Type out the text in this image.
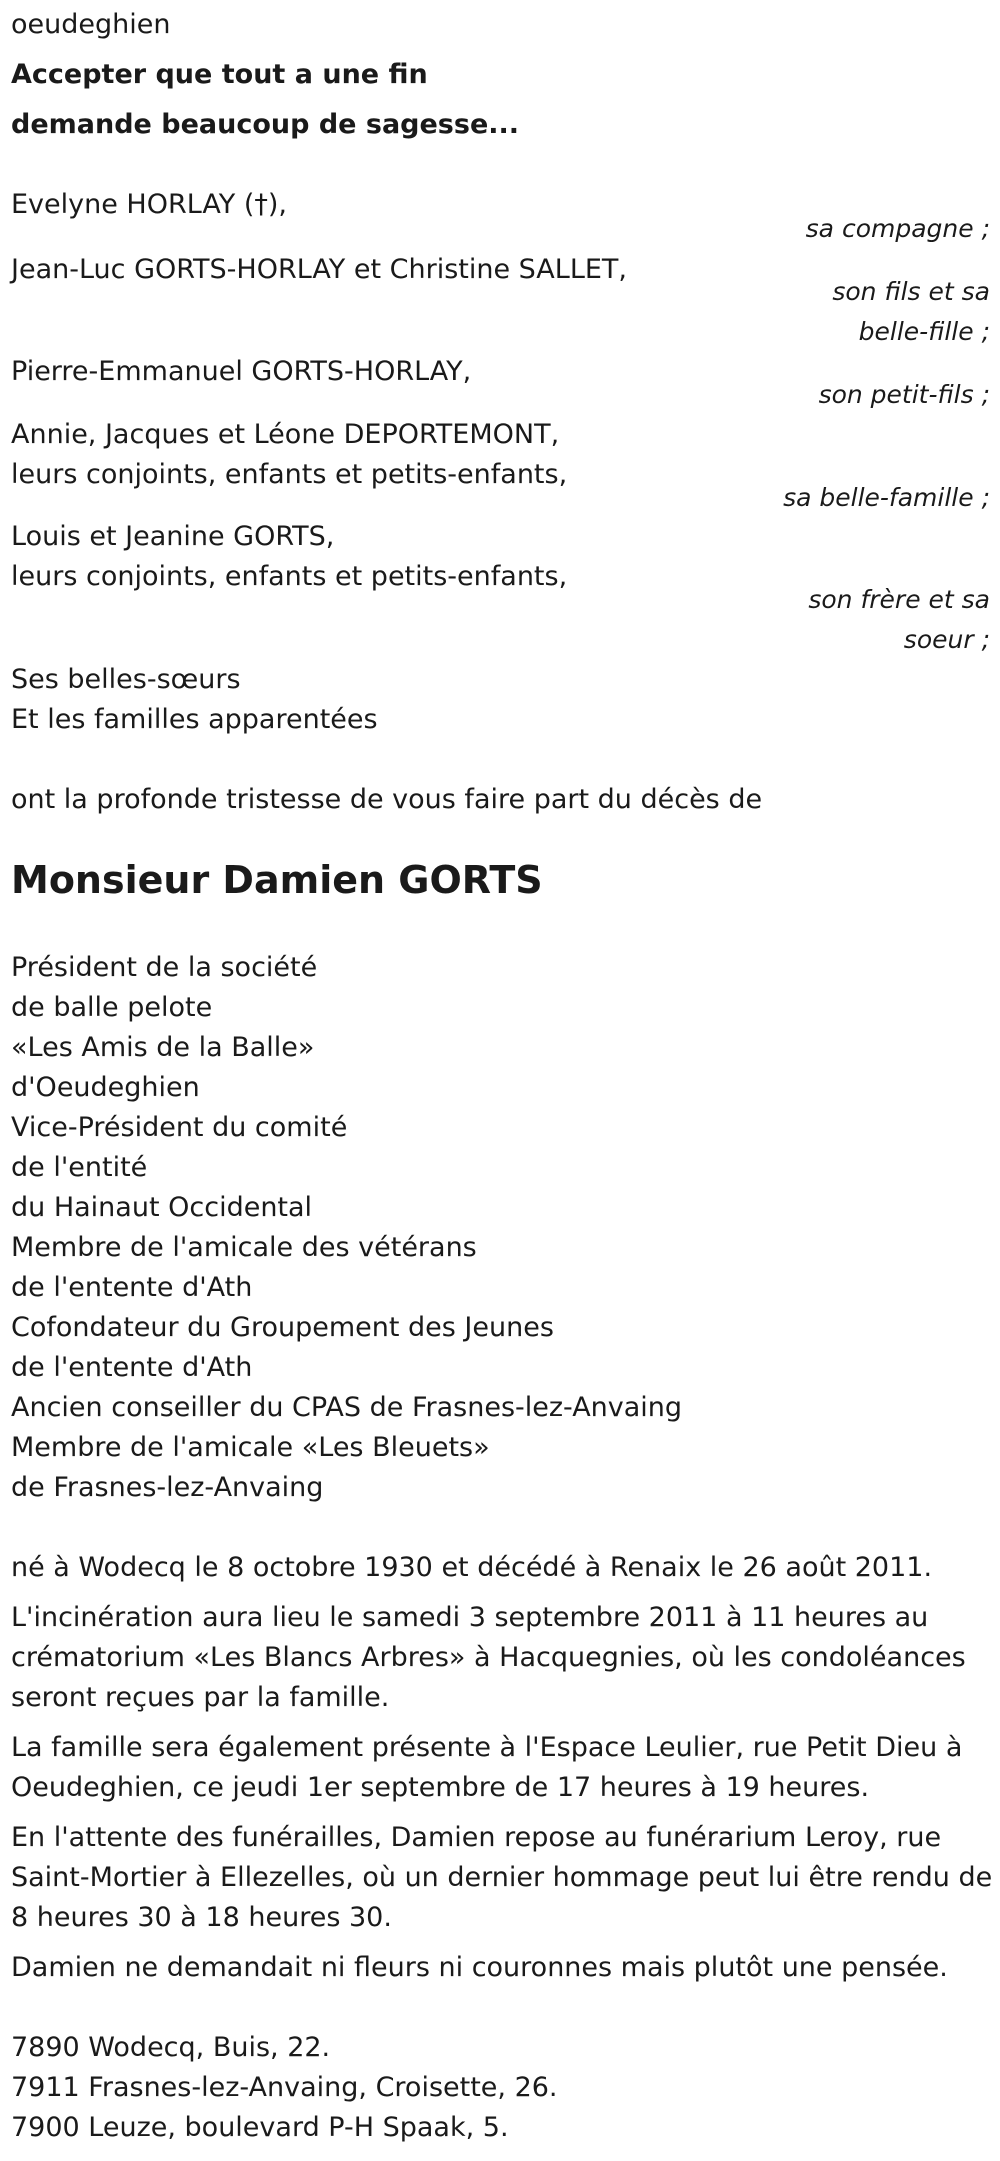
oeudeghien
Accepter que tout a une fin
demande beaucoup de sagesse...
Evelyne HORLAY (†),
sa compagne ;
Jean-Luc GORTS-HORLAY et Christine SALLET,
son fils et sa
belle-fille ;
Pierre-Emmanuel GORTS-HORLAY,
son petit-fils ;
Annie, Jacques et Léone DEPORTEMONT,
leurs conjoints, enfants et petits-enfants,
sa belle-famille ;
Louis et Jeanine GORTS,
leurs conjoints, enfants et petits-enfants,
son frère et sa
soeur ;
Ses belles-sœurs
Et les familles apparentées
ont la profonde tristesse de vous faire part du décès de
Monsieur Damien GORTS
Président de la société
de balle pelote
«Les Amis de la Balle»
d'Oeudeghien
Vice-Président du comité
de l'entité
du Hainaut Occidental
Membre de l'amicale des vétérans
de l'entente d'Ath
Cofondateur du Groupement des Jeunes
de l'entente d'Ath
Ancien conseiller du CPAS de Frasnes-lez-Anvaing
Membre de l'amicale «Les Bleuets»
de Frasnes-lez-Anvaing
né à Wodecq le 8 octobre 1930 et décédé à Renaix le 26 août 2011.
L'incinération aura lieu le samedi 3 septembre 2011 à 11 heures au
crématorium «Les Blancs Arbres» à Hacquegnies, où les condoléances
seront reçues par la famille.
La famille sera également présente à l'Espace Leulier, rue Petit Dieu à
Oeudeghien, ce jeudi 1er septembre de 17 heures à 19 heures.
En l'attente des funérailles, Damien repose au funérarium Leroy, rue
Saint-Mortier à Ellezelles, où un dernier hommage peut lui être rendu de
8 heures 30 à 18 heures 30.
Damien ne demandait ni fleurs ni couronnes mais plutôt une pensée.
7890 Wodecq, Buis, 22.
7911 Frasnes-lez-Anvaing, Croisette, 26.
7900 Leuze, boulevard P-H Spaak, 5.
